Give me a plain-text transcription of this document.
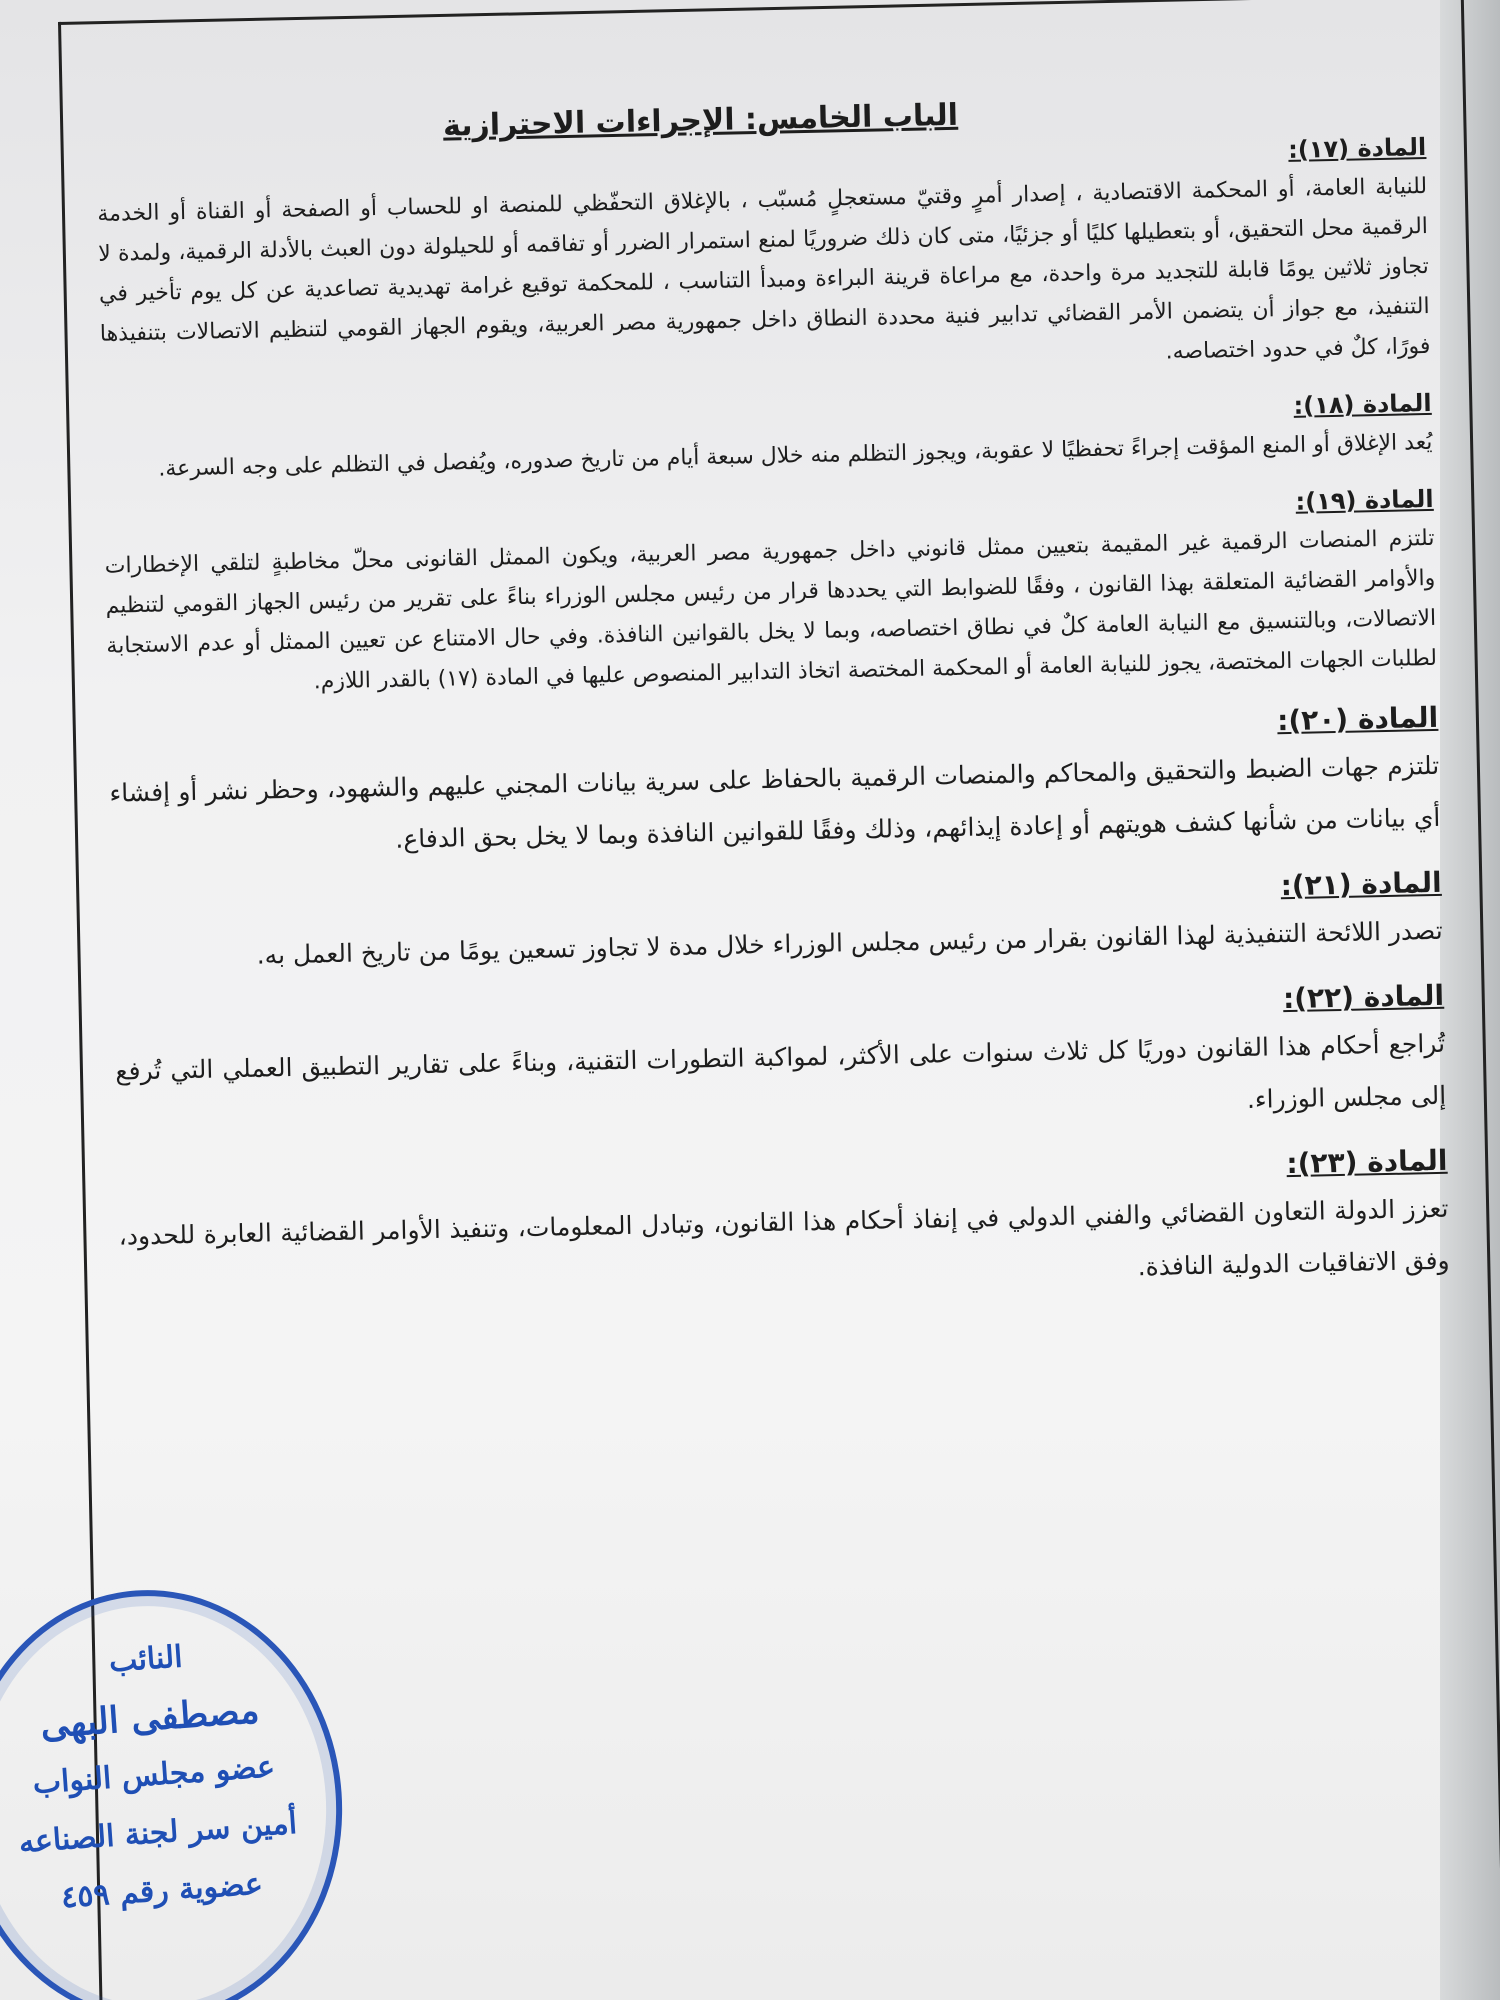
الباب الخامس: الإجراءات الاحترازية
المادة (١٧):

للنيابة العامة، أو المحكمة الاقتصادية ، إصدار أمرٍ وقتيّ مستعجلٍ مُسبّب ، بالإغلاق التحفّظي للمنصة او للحساب أو الصفحة أو القناة أو الخدمة الرقمية محل التحقيق، أو بتعطيلها كليًا أو جزئيًا، متى كان ذلك ضروريًا لمنع استمرار الضرر أو تفاقمه أو للحيلولة دون العبث بالأدلة الرقمية، ولمدة لا تجاوز ثلاثين يومًا قابلة للتجديد مرة واحدة، مع مراعاة قرينة البراءة ومبدأ التناسب ، للمحكمة توقيع غرامة تهديدية تصاعدية عن كل يوم تأخير في التنفيذ، مع جواز أن يتضمن الأمر القضائي تدابير فنية محددة النطاق داخل جمهورية مصر العربية، ويقوم الجهاز القومي لتنظيم الاتصالات بتنفيذها فورًا، كلٌ في حدود اختصاصه.

المادة (١٨):

يُعد الإغلاق أو المنع المؤقت إجراءً تحفظيًا لا عقوبة، ويجوز التظلم منه خلال سبعة أيام من تاريخ صدوره، ويُفصل في التظلم على وجه السرعة.

المادة (١٩):

تلتزم المنصات الرقمية غير المقيمة بتعيين ممثل قانوني داخل جمهورية مصر العربية، ويكون الممثل القانونى محلّ مخاطبةٍ لتلقي الإخطارات والأوامر القضائية المتعلقة بهذا القانون ، وفقًا للضوابط التي يحددها قرار من رئيس مجلس الوزراء بناءً على تقرير من رئيس الجهاز القومي لتنظيم الاتصالات، وبالتنسيق مع النيابة العامة كلٌ في نطاق اختصاصه، وبما لا يخل بالقوانين النافذة. وفي حال الامتناع عن تعيين الممثل أو عدم الاستجابة لطلبات الجهات المختصة، يجوز للنيابة العامة أو المحكمة المختصة اتخاذ التدابير المنصوص عليها في المادة (١٧) بالقدر اللازم.

المادة (٢٠):

تلتزم جهات الضبط والتحقيق والمحاكم والمنصات الرقمية بالحفاظ على سرية بيانات المجني عليهم والشهود، وحظر نشر أو إفشاء أي بيانات من شأنها كشف هويتهم أو إعادة إيذائهم، وذلك وفقًا للقوانين النافذة وبما لا يخل بحق الدفاع.

المادة (٢١):

تصدر اللائحة التنفيذية لهذا القانون بقرار من رئيس مجلس الوزراء خلال مدة لا تجاوز تسعين يومًا من تاريخ العمل به.

المادة (٢٢):

تُراجع أحكام هذا القانون دوريًا كل ثلاث سنوات على الأكثر، لمواكبة التطورات التقنية، وبناءً على تقارير التطبيق العملي التي تُرفع إلى مجلس الوزراء.

المادة (٢٣):

تعزز الدولة التعاون القضائي والفني الدولي في إنفاذ أحكام هذا القانون، وتبادل المعلومات، وتنفيذ الأوامر القضائية العابرة للحدود، وفق الاتفاقيات الدولية النافذة.

النائب
مصطفى البهى
عضو مجلس النواب
أمين سر لجنة الصناعه
عضوية رقم ٤٥٩
